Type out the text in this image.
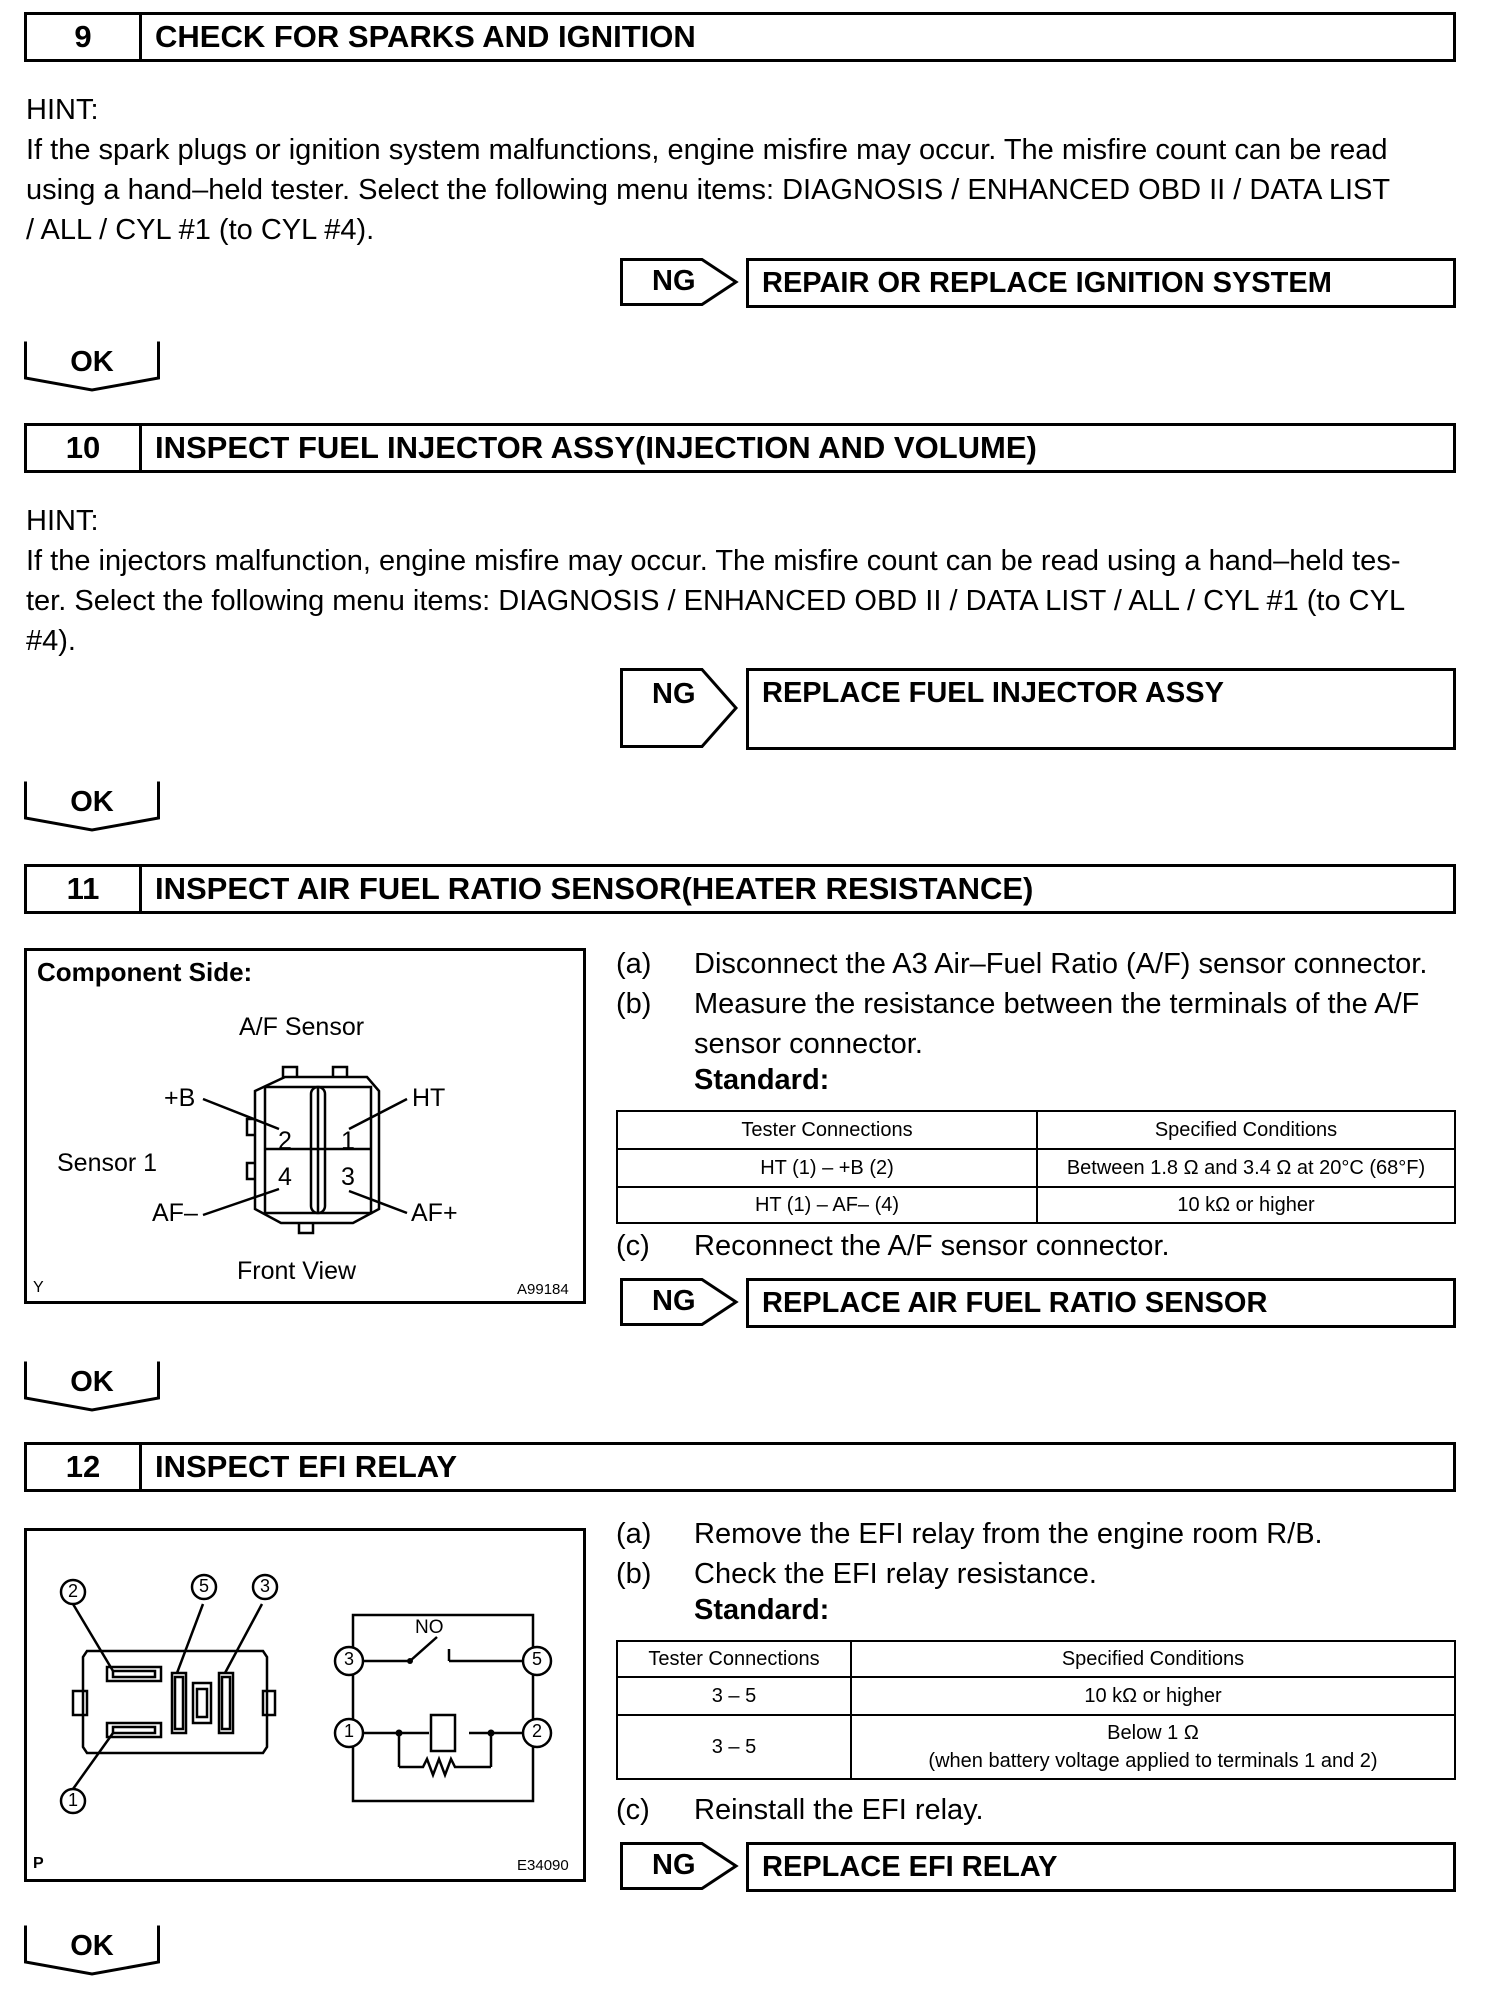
9	CHECK FOR SPARKS AND IGNITION
HINT:
If the spark plugs or ignition system malfunctions, engine misfire may occur. The misfire count can be read
using a hand–held tester. Select the following menu items: DIAGNOSIS / ENHANCED OBD II / DATA LIST
/ ALL / CYL #1 (to CYL #4).
NG	REPAIR OR REPLACE IGNITION SYSTEM
OK
10	INSPECT FUEL INJECTOR ASSY(INJECTION AND VOLUME)
HINT:
If the injectors malfunction, engine misfire may occur. The misfire count can be read using a hand–held tes-
ter. Select the following menu items: DIAGNOSIS / ENHANCED OBD II / DATA LIST / ALL / CYL #1 (to CYL
#4).
NG	REPLACE FUEL INJECTOR ASSY
OK
11	INSPECT AIR FUEL RATIO SENSOR(HEATER RESISTANCE)
Component Side:
A/F Sensor
Sensor 1
+B	HT
AF–	AF+
2	1
4	3
Front View
Y	A99184
(a) Disconnect the A3 Air–Fuel Ratio (A/F) sensor connector.
(b) Measure the resistance between the terminals of the A/F
sensor connector.
Standard:
Tester Connections	Specified Conditions
HT (1) – +B (2)	Between 1.8 Ω and 3.4 Ω at 20°C (68°F)
HT (1) – AF– (4)	10 kΩ or higher
(c) Reconnect the A/F sensor connector.
NG	REPLACE AIR FUEL RATIO SENSOR
OK
12	INSPECT EFI RELAY
2	5	3
1
3	5
1	2
NO
P	E34090
(a) Remove the EFI relay from the engine room R/B.
(b) Check the EFI relay resistance.
Standard:
Tester Connections	Specified Conditions
3 – 5	10 kΩ or higher
3 – 5	Below 1 Ω
(when battery voltage applied to terminals 1 and 2)
(c) Reinstall the EFI relay.
NG	REPLACE EFI RELAY
OK
